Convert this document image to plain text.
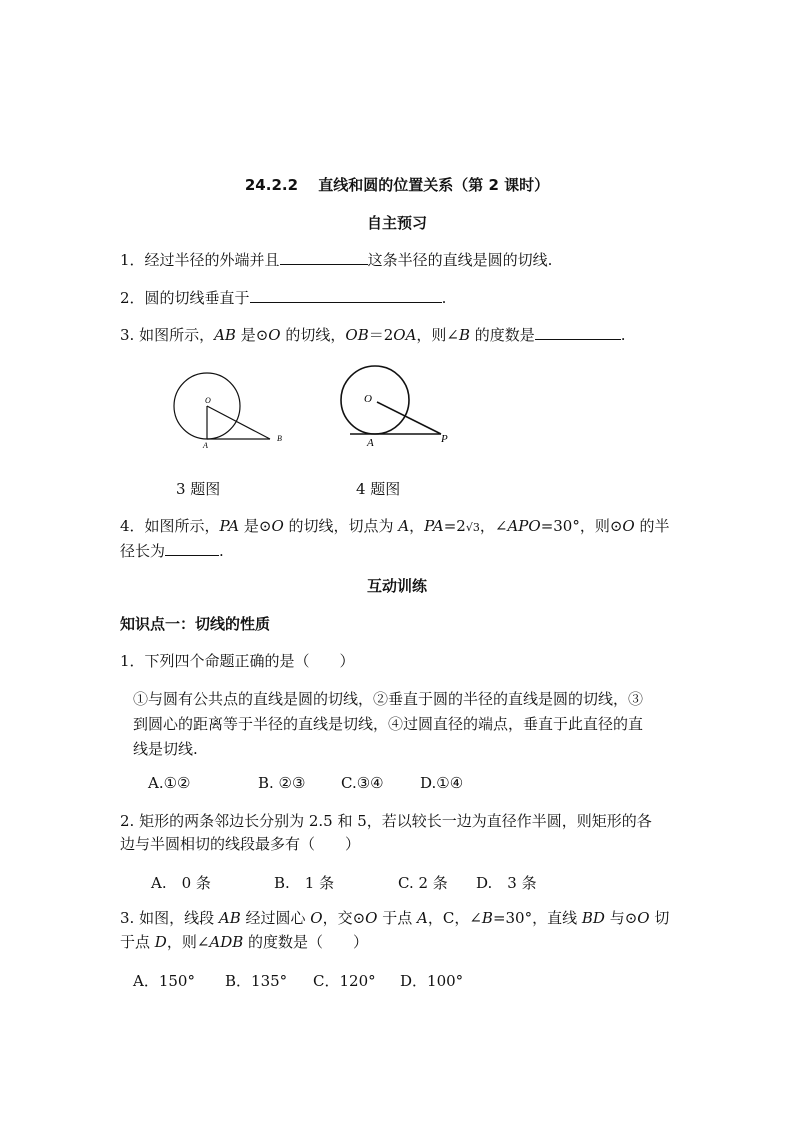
24.2.2　 直线和圆的位置关系（第 2 课时）
自主预习
1．经过半径的外端并且	这条半径的直线是圆的切线.
2．圆的切线垂直于	.
3. 如图所示，AB 是⊙O 的切线，OB＝2OA，则∠B 的度数是	.
O
A
B
3 题图
O
A	P
4 题图
4．如图所示，PA 是⊙O 的切线，切点为 A，PA=2√3，∠APO=30°，则⊙O 的半
径长为	.
互动训练
知识点一：切线的性质
1．下列四个命题正确的是（　　）
①与圆有公共点的直线是圆的切线，②垂直于圆的半径的直线是圆的切线，③
到圆心的距离等于半径的直线是切线，④过圆直径的端点，垂直于此直径的直
线是切线.
A.①②	B. ②③ C.③④ D.①④
2. 矩形的两条邻边长分别为 2.5 和 5，若以较长一边为直径作半圆，则矩形的各
边与半圆相切的线段最多有（　　）
A.　0 条	B.　1 条	C. 2 条 D.　3 条
3. 如图，线段 AB 经过圆心 O，交⊙O 于点 A，C，∠B=30°，直线 BD 与⊙O 切
于点 D，则∠ADB 的度数是（　　）
A．150° B．135° C．120° D．100°
